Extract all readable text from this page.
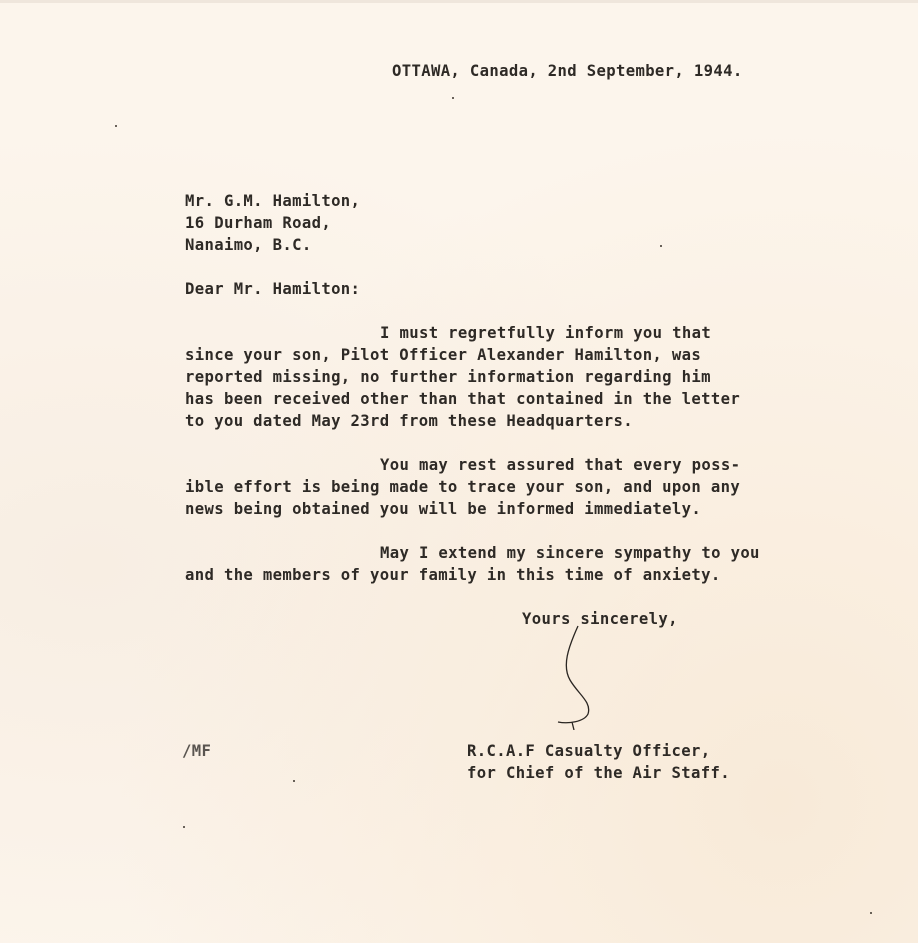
OTTAWA, Canada, 2nd September, 1944.
Mr. G.M. Hamilton,
16 Durham Road,
Nanaimo, B.C.
Dear Mr. Hamilton:
I must regretfully inform you that
since your son, Pilot Officer Alexander Hamilton, was
reported missing, no further information regarding him
has been received other than that contained in the letter
to you dated May 23rd from these Headquarters.
You may rest assured that every poss-
ible effort is being made to trace your son, and upon any
news being obtained you will be informed immediately.
May I extend my sincere sympathy to you
and the members of your family in this time of anxiety.
Yours sincerely,
/MF	R.C.A.F Casualty Officer,
for Chief of the Air Staff.
